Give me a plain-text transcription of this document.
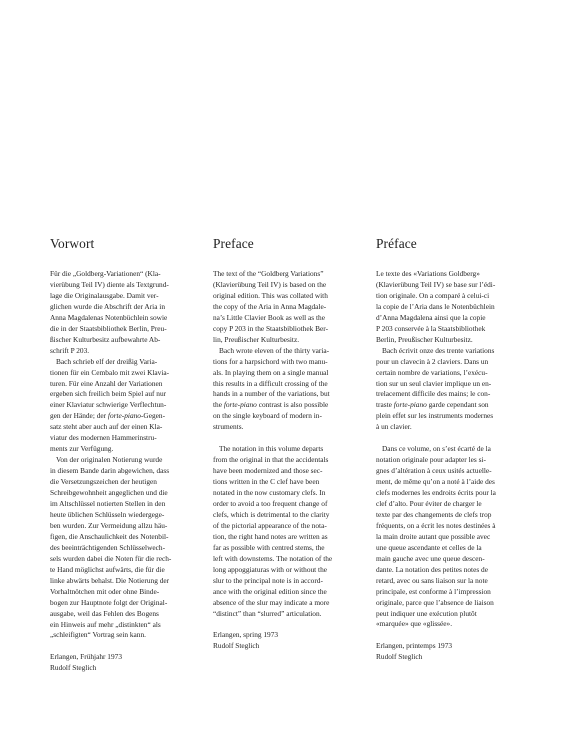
Vorwort

Für die „Goldberg-Variationen“ (Kla-
vierübung Teil IV) diente als Textgrund-
lage die Originalausgabe. Damit ver-
glichen wurde die Abschrift der Aria in
Anna Magdalenas Notenbüchlein sowie
die in der Staatsbibliothek Berlin, Preu-
ßischer Kulturbesitz aufbewahrte Ab-
schrift P 203.

Bach schrieb elf der dreißig Varia-
tionen für ein Cembalo mit zwei Klavia-
turen. Für eine Anzahl der Variationen
ergeben sich freilich beim Spiel auf nur
einer Klaviatur schwierige Verflechtun-
gen der Hände; der forte-piano-Gegen-
satz steht aber auch auf der einen Kla-
viatur des modernen Hammerinstru-
ments zur Verfügung.

Von der originalen Notierung wurde
in diesem Bande darin abgewichen, dass
die Versetzungszeichen der heutigen
Schreibgewohnheit angeglichen und die
im Altschlüssel notierten Stellen in den
heute üblichen Schlüsseln wiedergege-
ben wurden. Zur Vermeidung allzu häu-
figen, die Anschaulichkeit des Notenbil-
des beeinträchtigenden Schlüsselwech-
sels wurden dabei die Noten für die rech-
te Hand möglichst aufwärts, die für die
linke abwärts behalst. Die Notierung der
Vorhaltnötchen mit oder ohne Binde-
bogen zur Hauptnote folgt der Original-
ausgabe, weil das Fehlen des Bogens
ein Hinweis auf mehr „distinkten“ als
„schleifigten“ Vortrag sein kann.

Erlangen, Frühjahr 1973
Rudolf Steglich
Preface

The text of the “Goldberg Variations”
(Klavierübung Teil IV) is based on the
original edition. This was collated with
the copy of the Aria in Anna Magdale-
na’s Little Clavier Book as well as the
copy P 203 in the Staatsbibliothek Ber-
lin, Preußischer Kulturbesitz.

Bach wrote eleven of the thirty varia-
tions for a harpsichord with two manu-
als. In playing them on a single manual
this results in a difficult crossing of the
hands in a number of the variations, but
the forte-piano contrast is also possible
on the single keyboard of modern in-
struments.

The notation in this volume departs
from the original in that the accidentals
have been modernized and those sec-
tions written in the C clef have been
notated in the now customary clefs. In
order to avoid a too frequent change of
clefs, which is detrimental to the clarity
of the pictorial appearance of the nota-
tion, the right hand notes are written as
far as possible with centred stems, the
left with downstems. The notation of the
long appoggiaturas with or without the
slur to the principal note is in accord-
ance with the original edition since the
absence of the slur may indicate a more
“distinct” than “slurred” articulation.

Erlangen, spring 1973
Rudolf Steglich
Préface

Le texte des «Variations Goldberg»
(Klavierübung Teil IV) se base sur l’édi-
tion originale. On a comparé à celui-ci
la copie de l’Aria dans le Notenbüchlein
d’Anna Magdalena ainsi que la copie
P 203 conservée à la Staatsbibliothek
Berlin, Preußischer Kulturbesitz.

Bach écrivit onze des trente variations
pour un clavecin à 2 claviers. Dans un
certain nombre de variations, l’exécu-
tion sur un seul clavier implique un en-
trelacement difficile des mains; le con-
traste forte-piano garde cependant son
plein effet sur les instruments modernes
à un clavier.

Dans ce volume, on s’est écarté de la
notation originale pour adapter les si-
gnes d’altération à ceux usités actuelle-
ment, de même qu’on a noté à l’aide des
clefs modernes les endroits écrits pour la
clef d’alto. Pour éviter de charger le
texte par des changements de clefs trop
fréquents, on a écrit les notes destinées à
la main droite autant que possible avec
une queue ascendante et celles de la
main gauche avec une queue descen-
dante. La notation des petites notes de
retard, avec ou sans liaison sur la note
principale, est conforme à l’impression
originale, parce que l’absence de liaison
peut indiquer une exécution plutôt
«marquée» que «glissée».

Erlangen, printemps 1973
Rudolf Steglich
